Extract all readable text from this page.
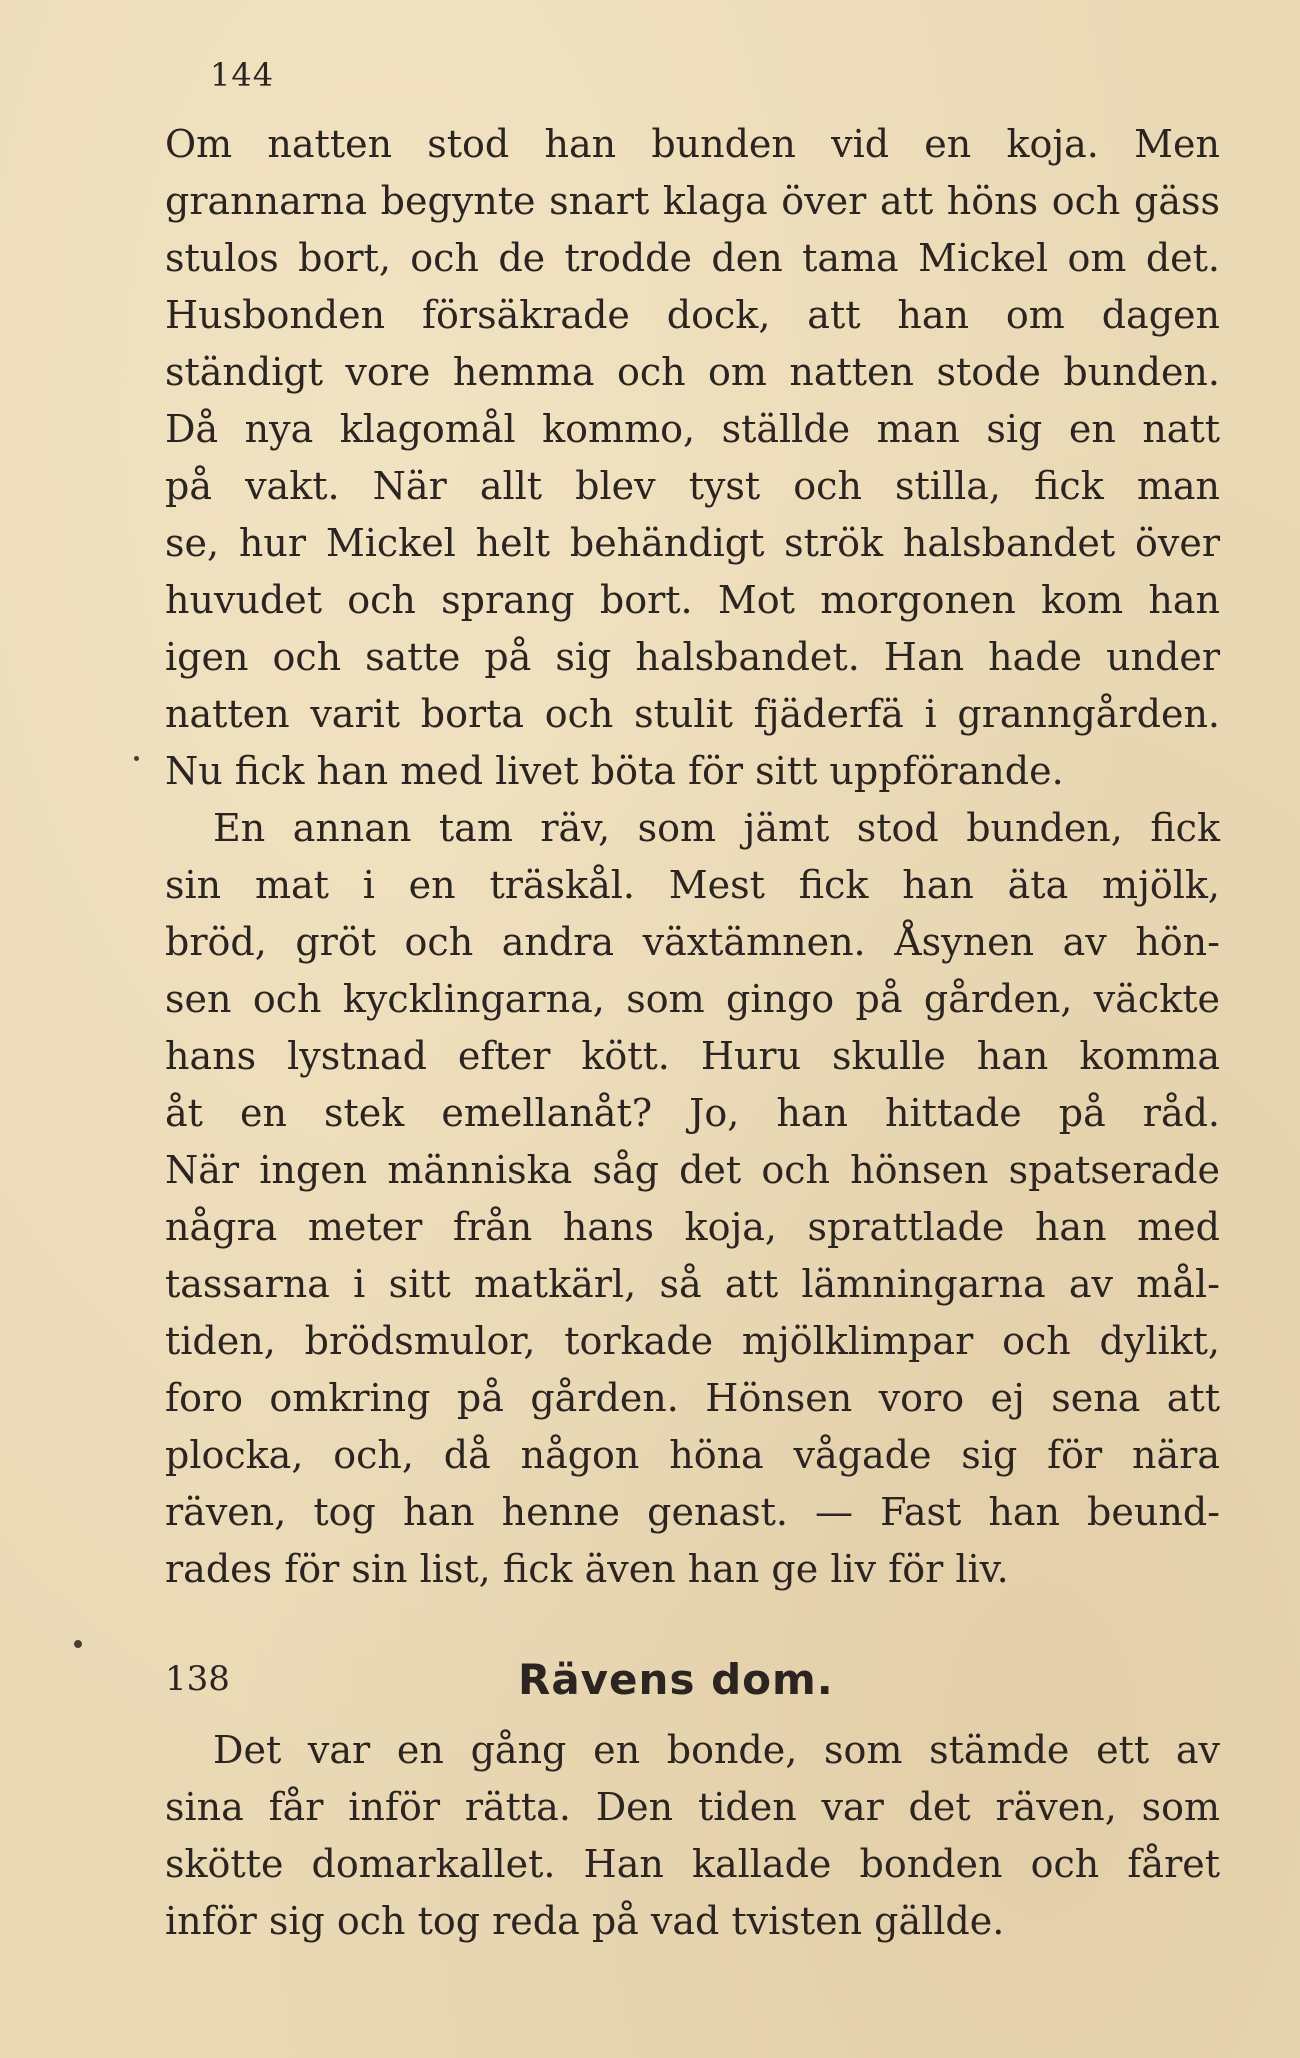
144
Om natten stod han bunden vid en koja. Men
grannarna begynte snart klaga över att höns och gäss
stulos bort, och de trodde den tama Mickel om det.
Husbonden försäkrade dock, att han om dagen
ständigt vore hemma och om natten stode bunden.
Då nya klagomål kommo, ställde man sig en natt
på vakt. När allt blev tyst och stilla, fick man
se, hur Mickel helt behändigt strök halsbandet över
huvudet och sprang bort. Mot morgonen kom han
igen och satte på sig halsbandet. Han hade under
natten varit borta och stulit fjäderfä i granngården.
Nu fick han med livet böta för sitt uppförande.
En annan tam räv, som jämt stod bunden, fick
sin mat i en träskål. Mest fick han äta mjölk,
bröd, gröt och andra växtämnen. Åsynen av hön-
sen och kycklingarna, som gingo på gården, väckte
hans lystnad efter kött. Huru skulle han komma
åt en stek emellanåt? Jo, han hittade på råd.
När ingen människa såg det och hönsen spatserade
några meter från hans koja, sprattlade han med
tassarna i sitt matkärl, så att lämningarna av mål-
tiden, brödsmulor, torkade mjölklimpar och dylikt,
foro omkring på gården. Hönsen voro ej sena att
plocka, och, då någon höna vågade sig för nära
räven, tog han henne genast. — Fast han beund-
rades för sin list, fick även han ge liv för liv.
138	Rävens dom.
Det var en gång en bonde, som stämde ett av
sina får inför rätta. Den tiden var det räven, som
skötte domarkallet. Han kallade bonden och fåret
inför sig och tog reda på vad tvisten gällde.
